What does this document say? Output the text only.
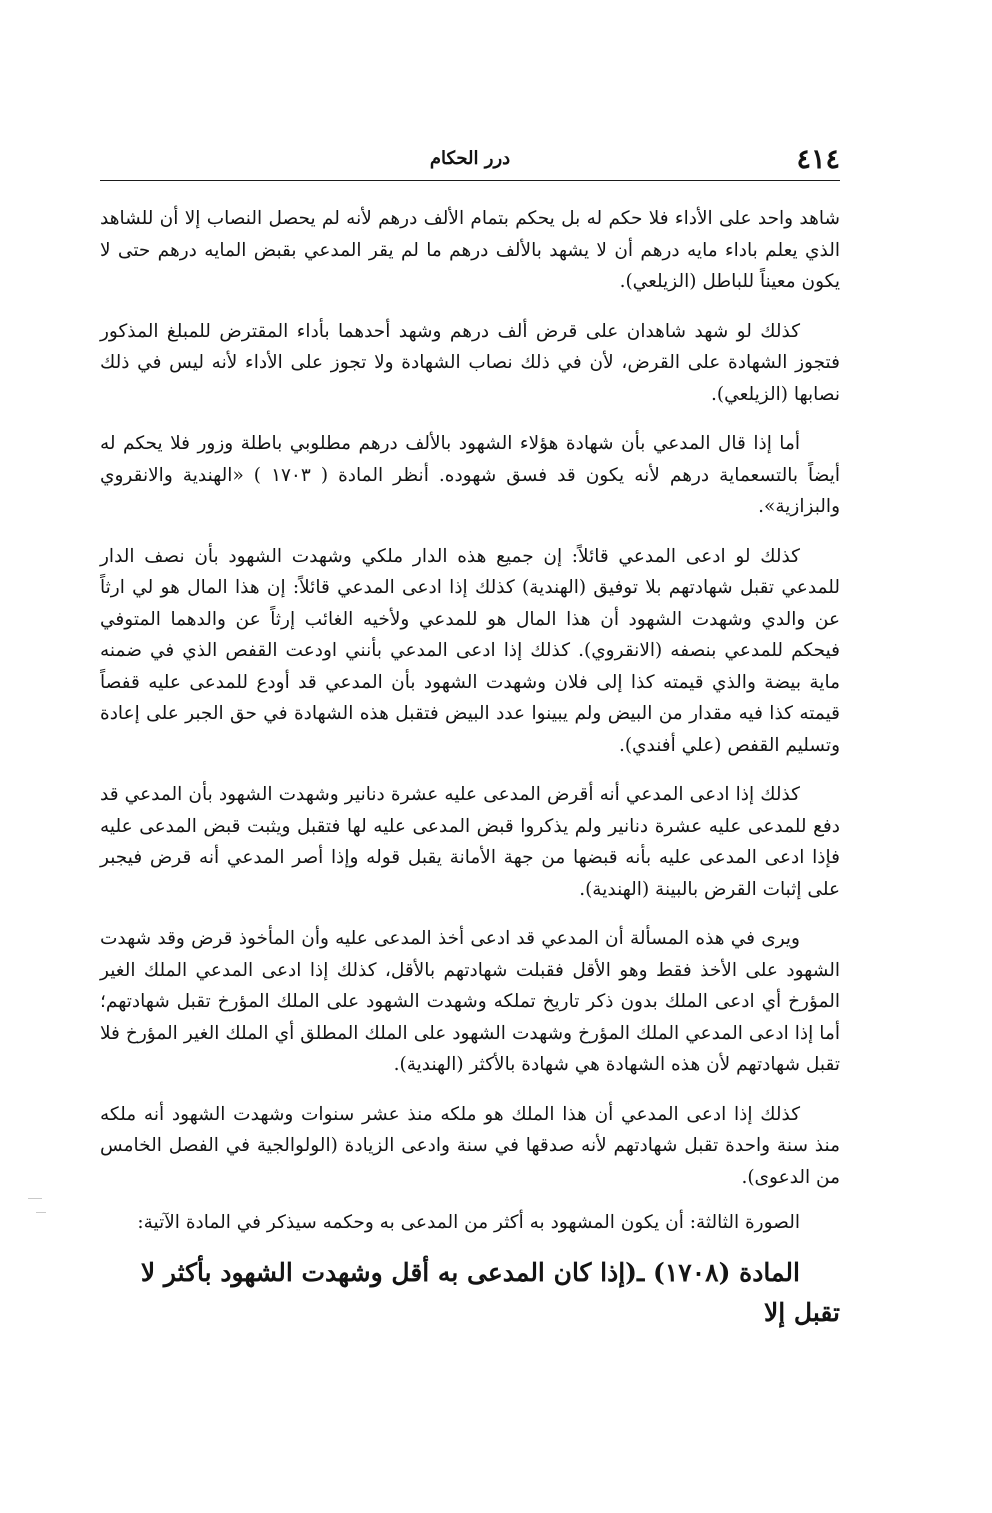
٤١٤
درر الحكام

شاهد واحد على الأداء فلا حكم له بل يحكم بتمام الألف درهم لأنه لم يحصل النصاب إلا أن للشاهد الذي يعلم باداء مايه درهم أن لا يشهد بالألف درهم ما لم يقر المدعي بقبض المايه درهم حتى لا يكون معيناً للباطل (الزيلعي).

كذلك لو شهد شاهدان على قرض ألف درهم وشهد أحدهما بأداء المقترض للمبلغ المذكور فتجوز الشهادة على القرض، لأن في ذلك نصاب الشهادة ولا تجوز على الأداء لأنه ليس في ذلك نصابها (الزيلعي).

أما إذا قال المدعي بأن شهادة هؤلاء الشهود بالألف درهم مطلوبي باطلة وزور فلا يحكم له أيضاً بالتسعماية درهم لأنه يكون قد فسق شهوده. أنظر المادة ( ١٧٠٣ ) «الهندية والانقروي والبزازية».

كذلك لو ادعى المدعي قائلاً: إن جميع هذه الدار ملكي وشهدت الشهود بأن نصف الدار للمدعي تقبل شهادتهم بلا توفيق (الهندية) كذلك إذا ادعى المدعي قائلاً: إن هذا المال هو لي ارثاً عن والدي وشهدت الشهود أن هذا المال هو للمدعي ولأخيه الغائب إرثاً عن والدهما المتوفي فيحكم للمدعي بنصفه (الانقروي). كذلك إذا ادعى المدعي بأنني اودعت القفص الذي في ضمنه ماية بيضة والذي قيمته كذا إلى فلان وشهدت الشهود بأن المدعي قد أودع للمدعى عليه قفصاً قيمته كذا فيه مقدار من البيض ولم يبينوا عدد البيض فتقبل هذه الشهادة في حق الجبر على إعادة وتسليم القفص (علي أفندي).

كذلك إذا ادعى المدعي أنه أقرض المدعى عليه عشرة دنانير وشهدت الشهود بأن المدعي قد دفع للمدعى عليه عشرة دنانير ولم يذكروا قبض المدعى عليه لها فتقبل ويثبت قبض المدعى عليه فإذا ادعى المدعى عليه بأنه قبضها من جهة الأمانة يقبل قوله وإذا أصر المدعي أنه قرض فيجبر على إثبات القرض بالبينة (الهندية).

ويرى في هذه المسألة أن المدعي قد ادعى أخذ المدعى عليه وأن المأخوذ قرض وقد شهدت الشهود على الأخذ فقط وهو الأقل فقبلت شهادتهم بالأقل، كذلك إذا ادعى المدعي الملك الغير المؤرخ أي ادعى الملك بدون ذكر تاريخ تملكه وشهدت الشهود على الملك المؤرخ تقبل شهادتهم؛ أما إذا ادعى المدعي الملك المؤرخ وشهدت الشهود على الملك المطلق أي الملك الغير المؤرخ فلا تقبل شهادتهم لأن هذه الشهادة هي شهادة بالأكثر (الهندية).

كذلك إذا ادعى المدعي أن هذا الملك هو ملكه منذ عشر سنوات وشهدت الشهود أنه ملكه منذ سنة واحدة تقبل شهادتهم لأنه صدقها في سنة وادعى الزيادة (الولوالجية في الفصل الخامس من الدعوى).

الصورة الثالثة: أن يكون المشهود به أكثر من المدعى به وحكمه سيذكر في المادة الآتية:

المادة (١٧٠٨) ـ(إذا كان المدعى به أقل وشهدت الشهود بأكثر لا تقبل إلا
